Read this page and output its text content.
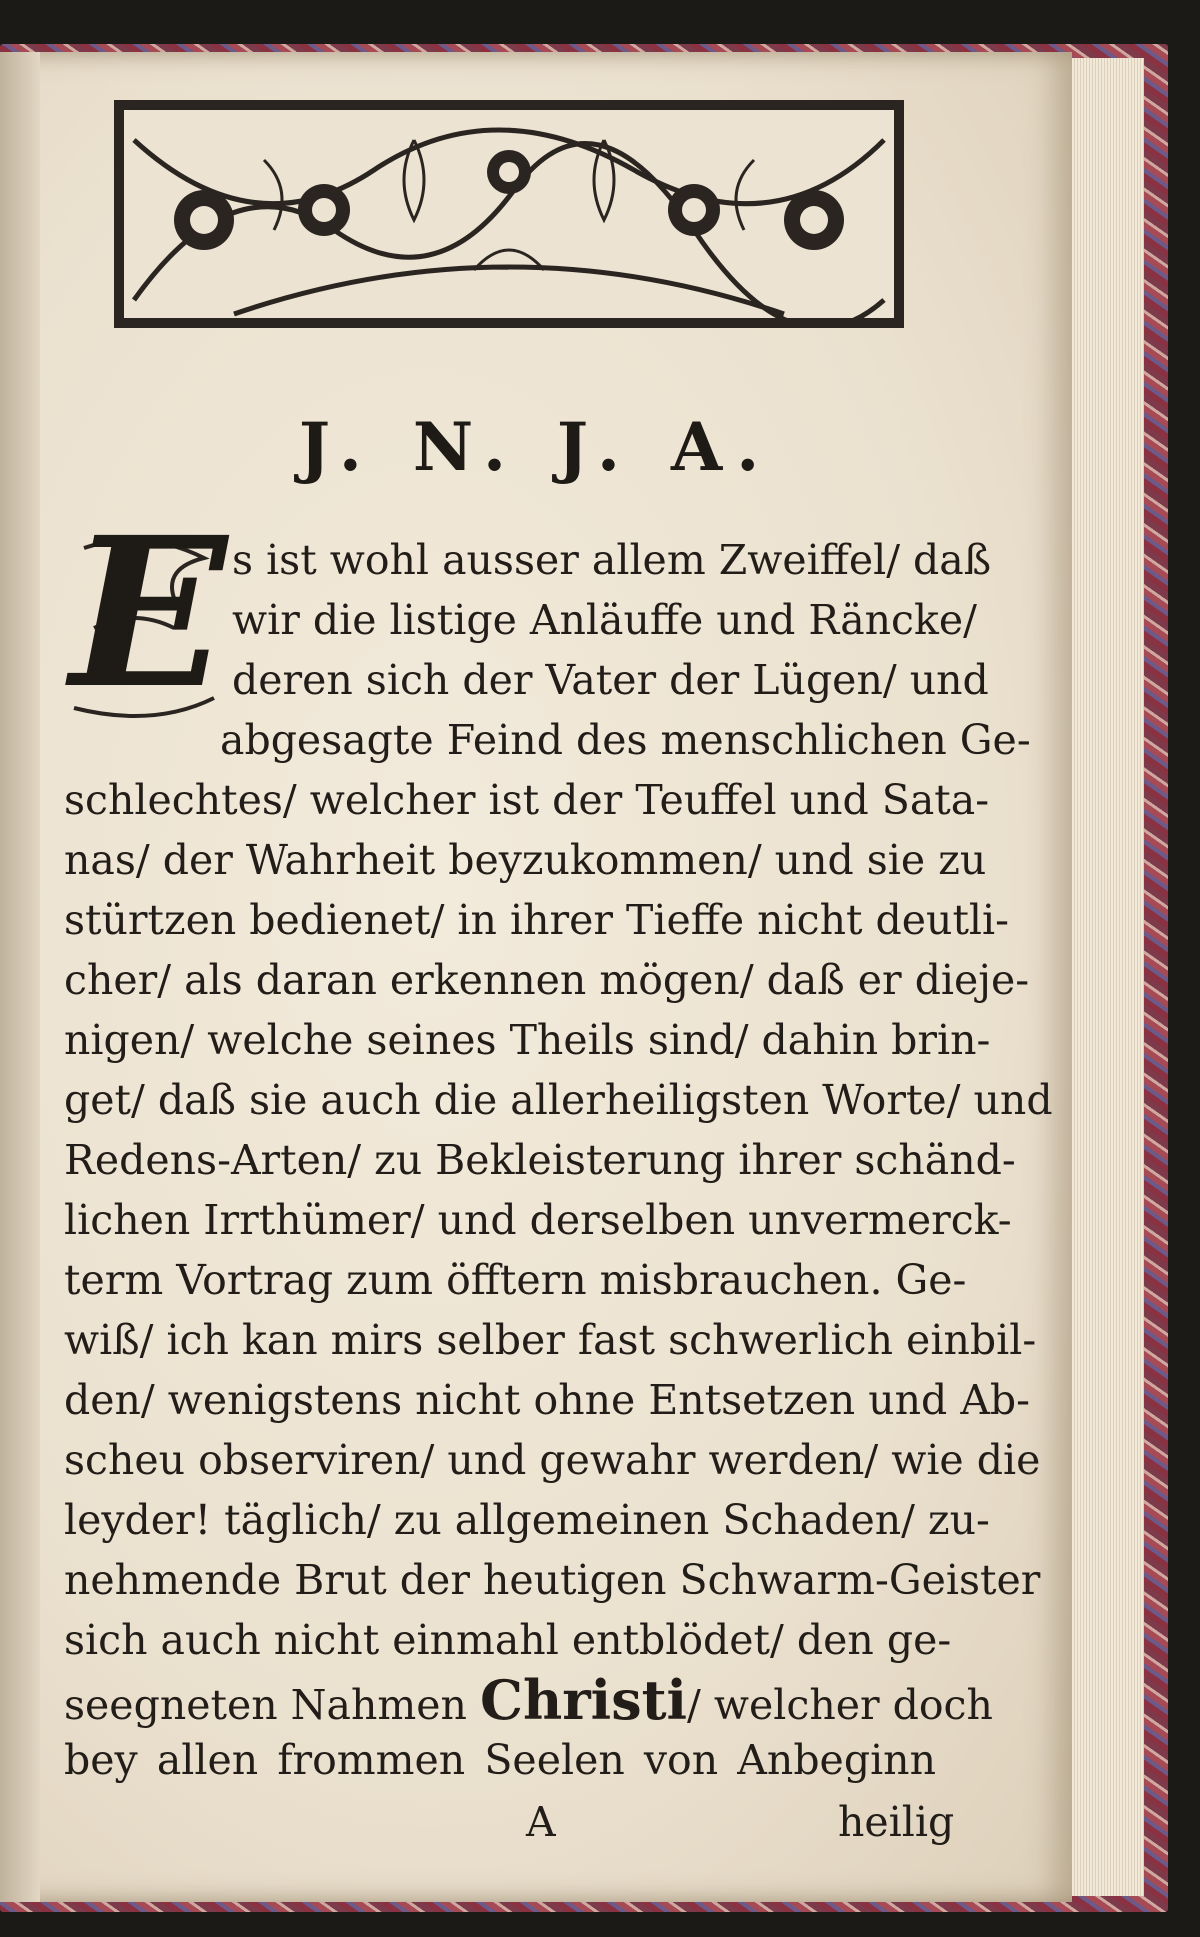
J. N. J. A.
E s ist wohl ausser allem Zweiffel/ daß
wir die listige Anläuffe und Räncke/
deren sich der Vater der Lügen/ und
abgesagte Feind des menschlichen Ge-
schlechtes/ welcher ist der Teuffel und Sata-
nas/ der Wahrheit beyzukommen/ und sie zu
stürtzen bedienet/ in ihrer Tieffe nicht deutli-
cher/ als daran erkennen mögen/ daß er dieje-
nigen/ welche seines Theils sind/ dahin brin-
get/ daß sie auch die allerheiligsten Worte/ und
Redens-Arten/ zu Bekleisterung ihrer schänd-
lichen Irrthümer/ und derselben unvermerck-
term Vortrag zum öfftern misbrauchen. Ge-
wiß/ ich kan mirs selber fast schwerlich einbil-
den/ wenigstens nicht ohne Entsetzen und Ab-
scheu observiren/ und gewahr werden/ wie die
leyder! täglich/ zu allgemeinen Schaden/ zu-
nehmende Brut der heutigen Schwarm-Geister
sich auch nicht einmahl entblödet/ den ge-
seegneten Nahmen Christi/ welcher doch
bey allen frommen Seelen von Anbeginn
A	heilig
